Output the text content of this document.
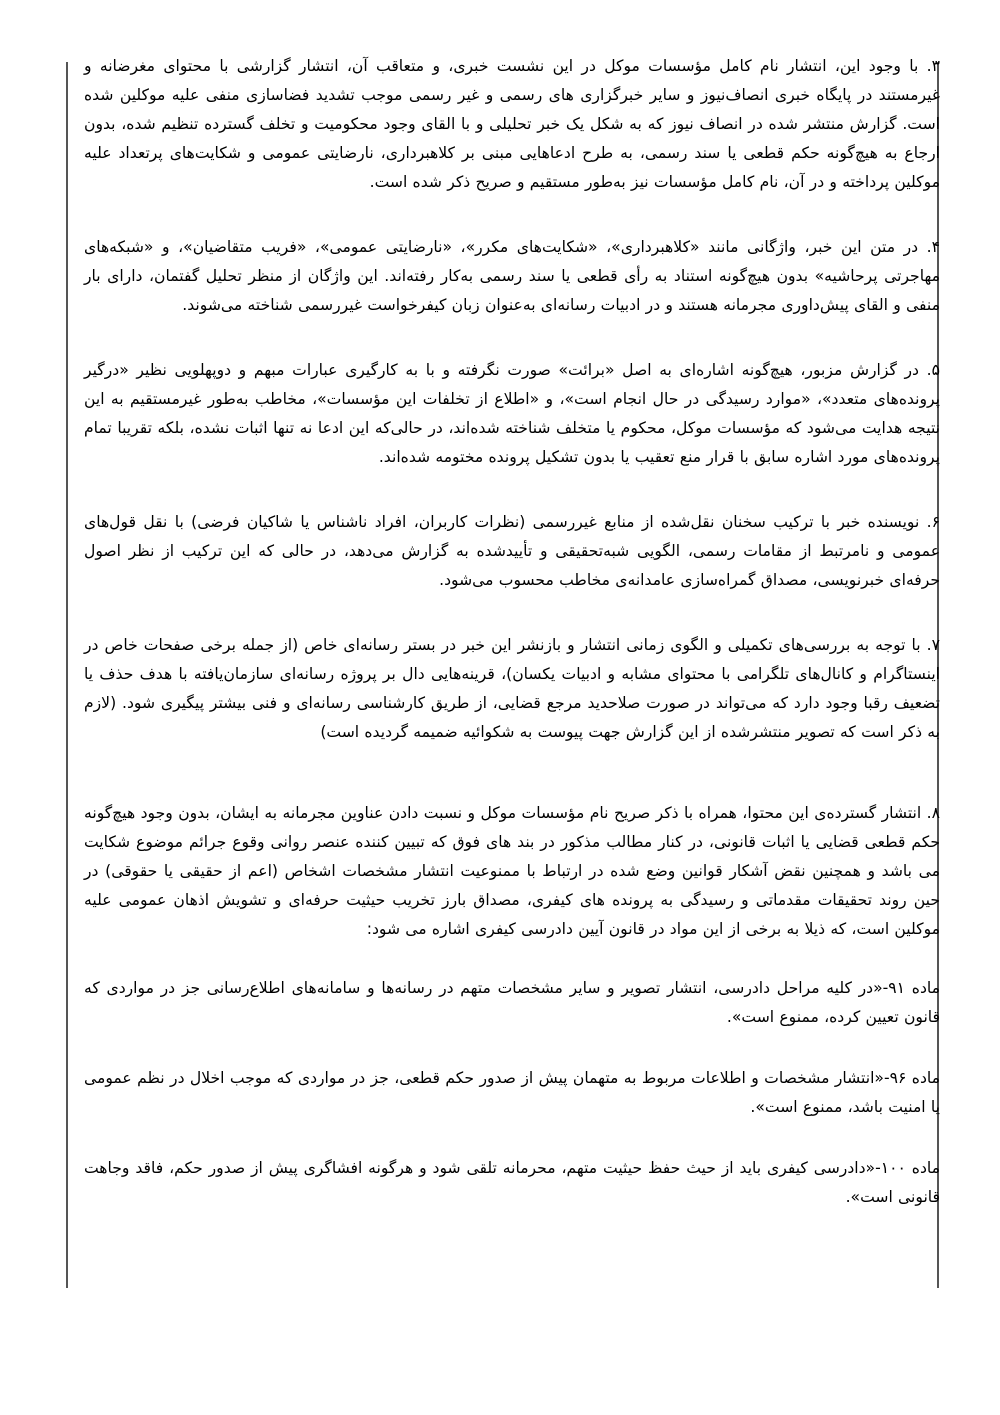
۳. با وجود این، انتشار نام کامل مؤسسات موکل در این نشست خبری، و متعاقب آن، انتشار گزارشی با محتوای مغرضانه و غیرمستند در پایگاه خبری انصاف‌نیوز و سایر خبرگزاری های رسمی و غیر رسمی موجب تشدید فضاسازی منفی علیه موکلین شده است. گزارش منتشر شده در انصاف نیوز که به شکل یک خبر تحلیلی و با القای وجود محکومیت و تخلف گسترده تنظیم شده، بدون ارجاع به هیچ‌گونه حکم قطعی یا سند رسمی، به طرح ادعاهایی مبنی بر کلاهبرداری، نارضایتی عمومی و شکایت‌های پرتعداد علیه موکلین پرداخته و در آن، نام کامل مؤسسات نیز به‌طور مستقیم و صریح ذکر شده است.

۴. در متن این خبر، واژگانی مانند «کلاهبرداری»، «شکایت‌های مکرر»، «نارضایتی عمومی»، «فریب متقاضیان»، و «شبکه‌های مهاجرتی پرحاشیه» بدون هیچ‌گونه استناد به رأی قطعی یا سند رسمی به‌کار رفته‌اند. این واژگان از منظر تحلیل گفتمان، دارای بار منفی و القای پیش‌داوری مجرمانه هستند و در ادبیات رسانه‌ای به‌عنوان زبان کیفرخواست غیررسمی شناخته می‌شوند.

۵. در گزارش مزبور، هیچ‌گونه اشاره‌ای به اصل «برائت» صورت نگرفته و با به کارگیری عبارات مبهم و دوپهلویی نظیر «درگیر پرونده‌های متعدد»، «موارد رسیدگی در حال انجام است»، و «اطلاع از تخلفات این مؤسسات»، مخاطب به‌طور غیرمستقیم به این نتیجه هدایت می‌شود که مؤسسات موکل، محکوم یا متخلف شناخته شده‌اند، در حالی‌که این ادعا نه تنها اثبات نشده، بلکه تقریبا تمام پرونده‌های مورد اشاره سابق با قرار منع تعقیب یا بدون تشکیل پرونده مختومه شده‌اند.

۶. نویسنده خبر با ترکیب سخنان نقل‌شده از منابع غیررسمی (نظرات کاربران، افراد ناشناس یا شاکیان فرضی) با نقل قول‌های عمومی و نامرتبط از مقامات رسمی، الگویی شبه‌تحقیقی و تأییدشده به گزارش می‌دهد، در حالی که این ترکیب از نظر اصول حرفه‌ای خبرنویسی، مصداق گمراه‌سازی عامدانه‌ی مخاطب محسوب می‌شود.

۷. با توجه به بررسی‌های تکمیلی و الگوی زمانی انتشار و بازنشر این خبر در بستر رسانه‌ای خاص (از جمله برخی صفحات خاص در اینستاگرام و کانال‌های تلگرامی با محتوای مشابه و ادبیات یکسان)، قرینه‌هایی دال بر پروژه رسانه‌ای سازمان‌یافته با هدف حذف یا تضعیف رقبا وجود دارد که می‌تواند در صورت صلاحدید مرجع قضایی، از طریق کارشناسی رسانه‌ای و فنی بیشتر پیگیری شود. (لازم به ذکر است که تصویر منتشرشده از این گزارش جهت پیوست به شکوائیه ضمیمه گردیده است)

۸. انتشار گسترده‌ی این محتوا، همراه با ذکر صریح نام مؤسسات موکل و نسبت دادن عناوین مجرمانه به ایشان، بدون وجود هیچ‌گونه حکم قطعی قضایی یا اثبات قانونی، در کنار مطالب مذکور در بند های فوق که تبیین کننده عنصر روانی وقوع جرائم موضوع شکایت می باشد و همچنین نقض آشکار قوانین وضع شده در ارتباط با ممنوعیت انتشار مشخصات اشخاص (اعم از حقیقی یا حقوقی) در حین روند تحقیقات مقدماتی و رسیدگی به پرونده های کیفری، مصداق بارز تخریب حیثیت حرفه‌ای و تشویش اذهان عمومی علیه موکلین است، که ذیلا به برخی از این مواد در قانون آیین دادرسی کیفری اشاره می شود:

ماده ۹۱-«در کلیه مراحل دادرسی، انتشار تصویر و سایر مشخصات متهم در رسانه‌ها و سامانه‌های اطلاع‌رسانی جز در مواردی که قانون تعیین کرده، ممنوع است».

ماده ۹۶-«انتشار مشخصات و اطلاعات مربوط به متهمان پیش از صدور حکم قطعی، جز در مواردی که موجب اخلال در نظم عمومی یا امنیت باشد، ممنوع است».

ماده ۱۰۰-«دادرسی کیفری باید از حیث حفظ حیثیت متهم، محرمانه تلقی شود و هرگونه افشاگری پیش از صدور حکم، فاقد وجاهت قانونی است».
